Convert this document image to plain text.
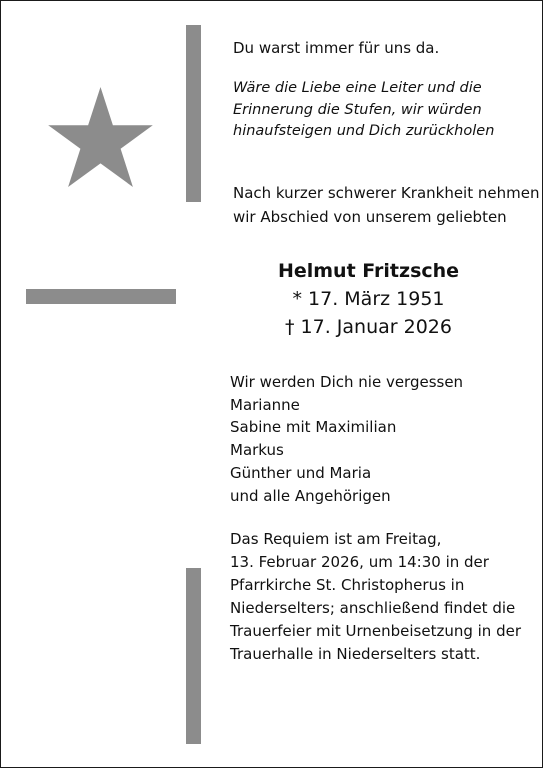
Du warst immer für uns da.
Wäre die Liebe eine Leiter und die
Erinnerung die Stufen, wir würden
hinaufsteigen und Dich zurückholen
Nach kurzer schwerer Krankheit nehmen
wir Abschied von unserem geliebten
Helmut Fritzsche
* 17. März 1951
† 17. Januar 2026
Wir werden Dich nie vergessen
Marianne
Sabine mit Maximilian
Markus
Günther und Maria
und alle Angehörigen
Das Requiem ist am Freitag,
13. Februar 2026, um 14:30 in der
Pfarrkirche St. Christopherus in
Niederselters; anschließend findet die
Trauerfeier mit Urnenbeisetzung in der
Trauerhalle in Niederselters statt.
